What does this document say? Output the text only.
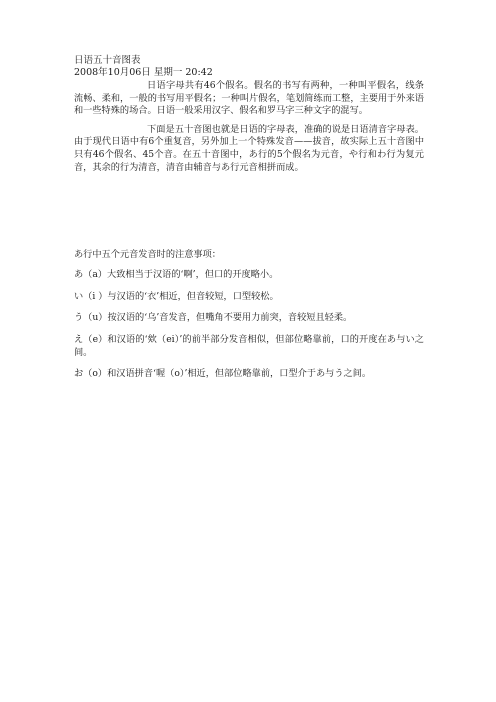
日语五十音图表

2008年10月06日 星期一 20:42

日语字母共有46个假名。假名的书写有两种，一种叫平假名，线条流畅、柔和，一般的书写用平假名；一种叫片假名，笔划简练而工整，主要用于外来语和一些特殊的场合。日语一般采用汉字、假名和罗马字三种文字的混写。

下面是五十音图也就是日语的字母表，准确的说是日语清音字母表。由于现代日语中有6个重复音，另外加上一个特殊发音——拔音，故实际上五十音图中只有46个假名、45个音。在五十音图中，あ行的5个假名为元音，や行和わ行为复元音，其余的行为清音，清音由辅音与あ行元音相拼而成。

あ行中五个元音发音时的注意事项：

あ（a）大致相当于汉语的‘啊’，但口的开度略小。

い（i ）与汉语的‘衣’相近，但音较短，口型较松。

う（u）按汉语的‘乌’音发音，但嘴角不要用力前突，音较短且轻柔。

え（e）和汉语的‘欸（ei）’的前半部分发音相似，但部位略靠前，口的开度在あ与い之间。

お（o）和汉语拼音‘喔（o）’相近，但部位略靠前，口型介于あ与う之间。
